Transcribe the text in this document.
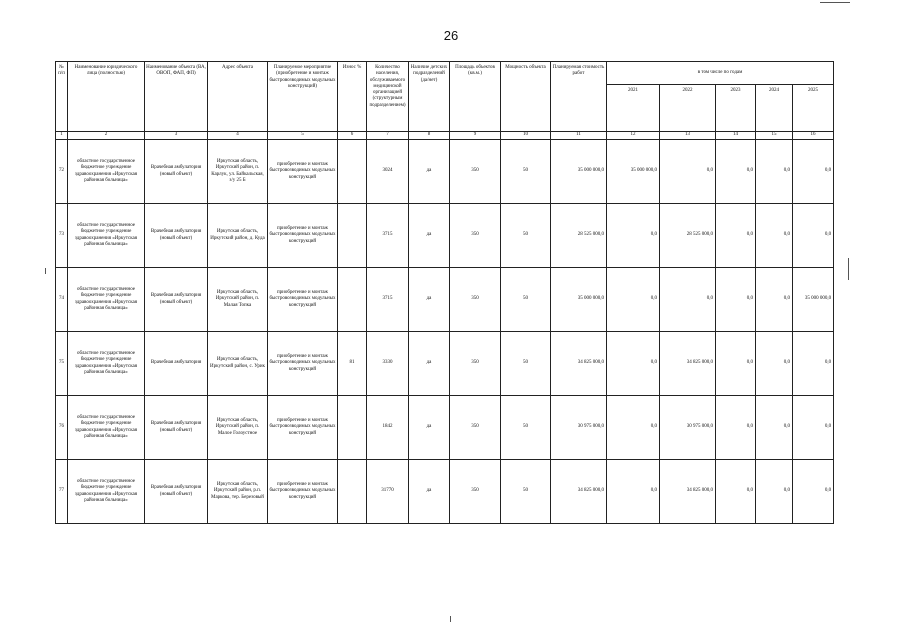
26
№ п/п	Наименование юридического лица (полностью)	Наименование объекта (ВА, ОВОП, ФАП, ФП)	Адрес объекта	Планируемое мероприятие (приобретение и монтаж быстровозводимых модульных конструкций)	Износ %	Количество населения, обслуживаемого медицинской организацией (структурным подразделением)	Наличие детских подразделений (да/нет)	Площадь объектов (кв.м.)	Мощность объекта	Планируемая стоимость работ	в том числе по годам				
											2021	2022	2023	2024	2025
1	2	3	4	5	6	7	8	9	10	11	12	13	14	15	16
72	областное государственное бюджетное учреждение здравоохранения «Иркутская районная больница»	Врачебная амбулатория (новый объект)	Иркутская область, Иркутский район, п. Карлук, ул. Байкальская, з/у 25 Б	приобретение и монтаж быстровозводимых модульных конструкций		3024	да	350	50	35 000 000,0	35 000 000,0	0,0	0,0	0,0	0,0
73	областное государственное бюджетное учреждение здравоохранения «Иркутская районная больница»	Врачебная амбулатория (новый объект)	Иркутская область, Иркутский район, д. Куда	приобретение и монтаж быстровозводимых модульных конструкций		3715	да	350	50	28 525 000,0	0,0	28 525 000,0	0,0	0,0	0,0
74	областное государственное бюджетное учреждение здравоохранения «Иркутская районная больница»	Врачебная амбулатория (новый объект)	Иркутская область, Иркутский район, п. Малая Топка	приобретение и монтаж быстровозводимых модульных конструкций		3715	да	350	50	35 000 000,0	0,0	0,0	0,0	0,0	35 000 000,0
75	областное государственное бюджетное учреждение здравоохранения «Иркутская районная больница»	Врачебная амбулатория	Иркутская область, Иркутский район, с. Урик	приобретение и монтаж быстровозводимых модульных конструкций	81	3330	да	350	50	34 825 000,0	0,0	34 825 000,0	0,0	0,0	0,0
76	областное государственное бюджетное учреждение здравоохранения «Иркутская районная больница»	Врачебная амбулатория (новый объект)	Иркутская область, Иркутский район, п. Малое Голоустное	приобретение и монтаж быстровозводимых модульных конструкций		1842	да	350	50	30 975 000,0	0,0	30 975 000,0	0,0	0,0	0,0
77	областное государственное бюджетное учреждение здравоохранения «Иркутская районная больница»	Врачебная амбулатория (новый объект)	Иркутская область, Иркутский район, р.п. Маркова, тер. Березовый	приобретение и монтаж быстровозводимых модульных конструкций		31770	да	350	50	34 825 000,0	0,0	34 825 000,0	0,0	0,0	0,0
